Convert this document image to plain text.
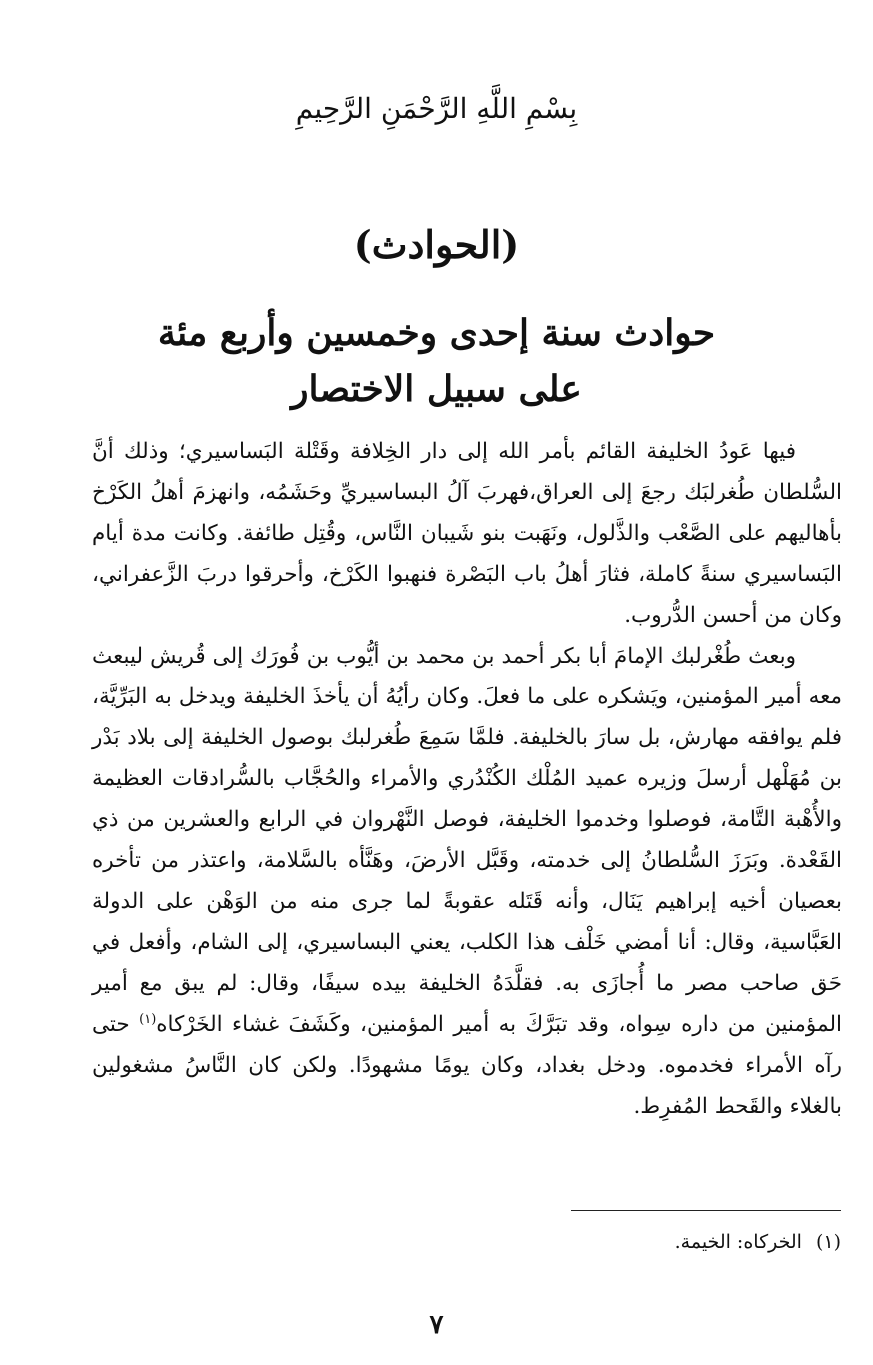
بِسْمِ اللَّهِ الرَّحْمَنِ الرَّحِيمِ
(الحوادث)
حوادث سنة إحدى وخمسين وأربع مئة
على سبيل الاختصار

فيها عَودُ الخليفة القائم بأمر الله إلى دار الخِلافة وقَتْلة البَساسيري؛ وذلك أنَّ السُّلطان طُغرلبَك رجعَ إلى العراق،فهربَ آلُ البساسيريِّ وحَشَمُه، وانهزمَ أهلُ الكَرْخ بأهاليهم على الصَّعْب والذَّلول، ونَهَبت بنو شَيبان النَّاس، وقُتِل طائفة. وكانت مدة أيام البَساسيري سنةً كاملة، فثارَ أهلُ باب البَصْرة فنهبوا الكَرْخ، وأحرقوا دربَ الزَّعفراني، وكان من أحسن الدُّروب.

وبعث طُغْرلبك الإمامَ أبا بكر أحمد بن محمد بن أيُّوب بن فُورَك إلى قُريش ليبعث معه أمير المؤمنين، ويَشكره على ما فعلَ. وكان رأيُهُ أن يأخذَ الخليفة ويدخل به البَرِّيَّة، فلم يوافقه مهارش، بل سارَ بالخليفة. فلمَّا سَمِعَ طُغرلبك بوصول الخليفة إلى بلاد بَدْر بن مُهَلْهل أرسلَ وزيره عميد المُلْك الكُنْدُري والأمراء والحُجَّاب بالسُّرادقات العظيمة والأُهْبة التَّامة، فوصلوا وخدموا الخليفة، فوصل النَّهْروان في الرابع والعشرين من ذي القَعْدة. وبَرَزَ السُّلطانُ إلى خدمته، وقَبَّل الأرضَ، وهَنَّأه بالسَّلامة، واعتذر من تأخره بعصيان أخيه إبراهيم يَنَال، وأنه قَتَله عقوبةً لما جرى منه من الوَهْن على الدولة العَبَّاسية، وقال: أنا أمضي خَلْف هذا الكلب، يعني البساسيري، إلى الشام، وأفعل في حَق صاحب مصر ما أُجازَى به. فقلَّدَهُ الخليفة بيده سيفًا، وقال: لم يبق مع أمير المؤمنين من داره سِواه، وقد تبَرَّكَ به أمير المؤمنين، وكَشَفَ غشاء الخَرْكاه$^{(١)}$ حتى رآه الأمراء فخدموه. ودخل بغداد، وكان يومًا مشهودًا. ولكن كان النَّاسُ مشغولين بالغلاء والقَحط المُفرِط.

(١)الخركاه: الخيمة.
٧
